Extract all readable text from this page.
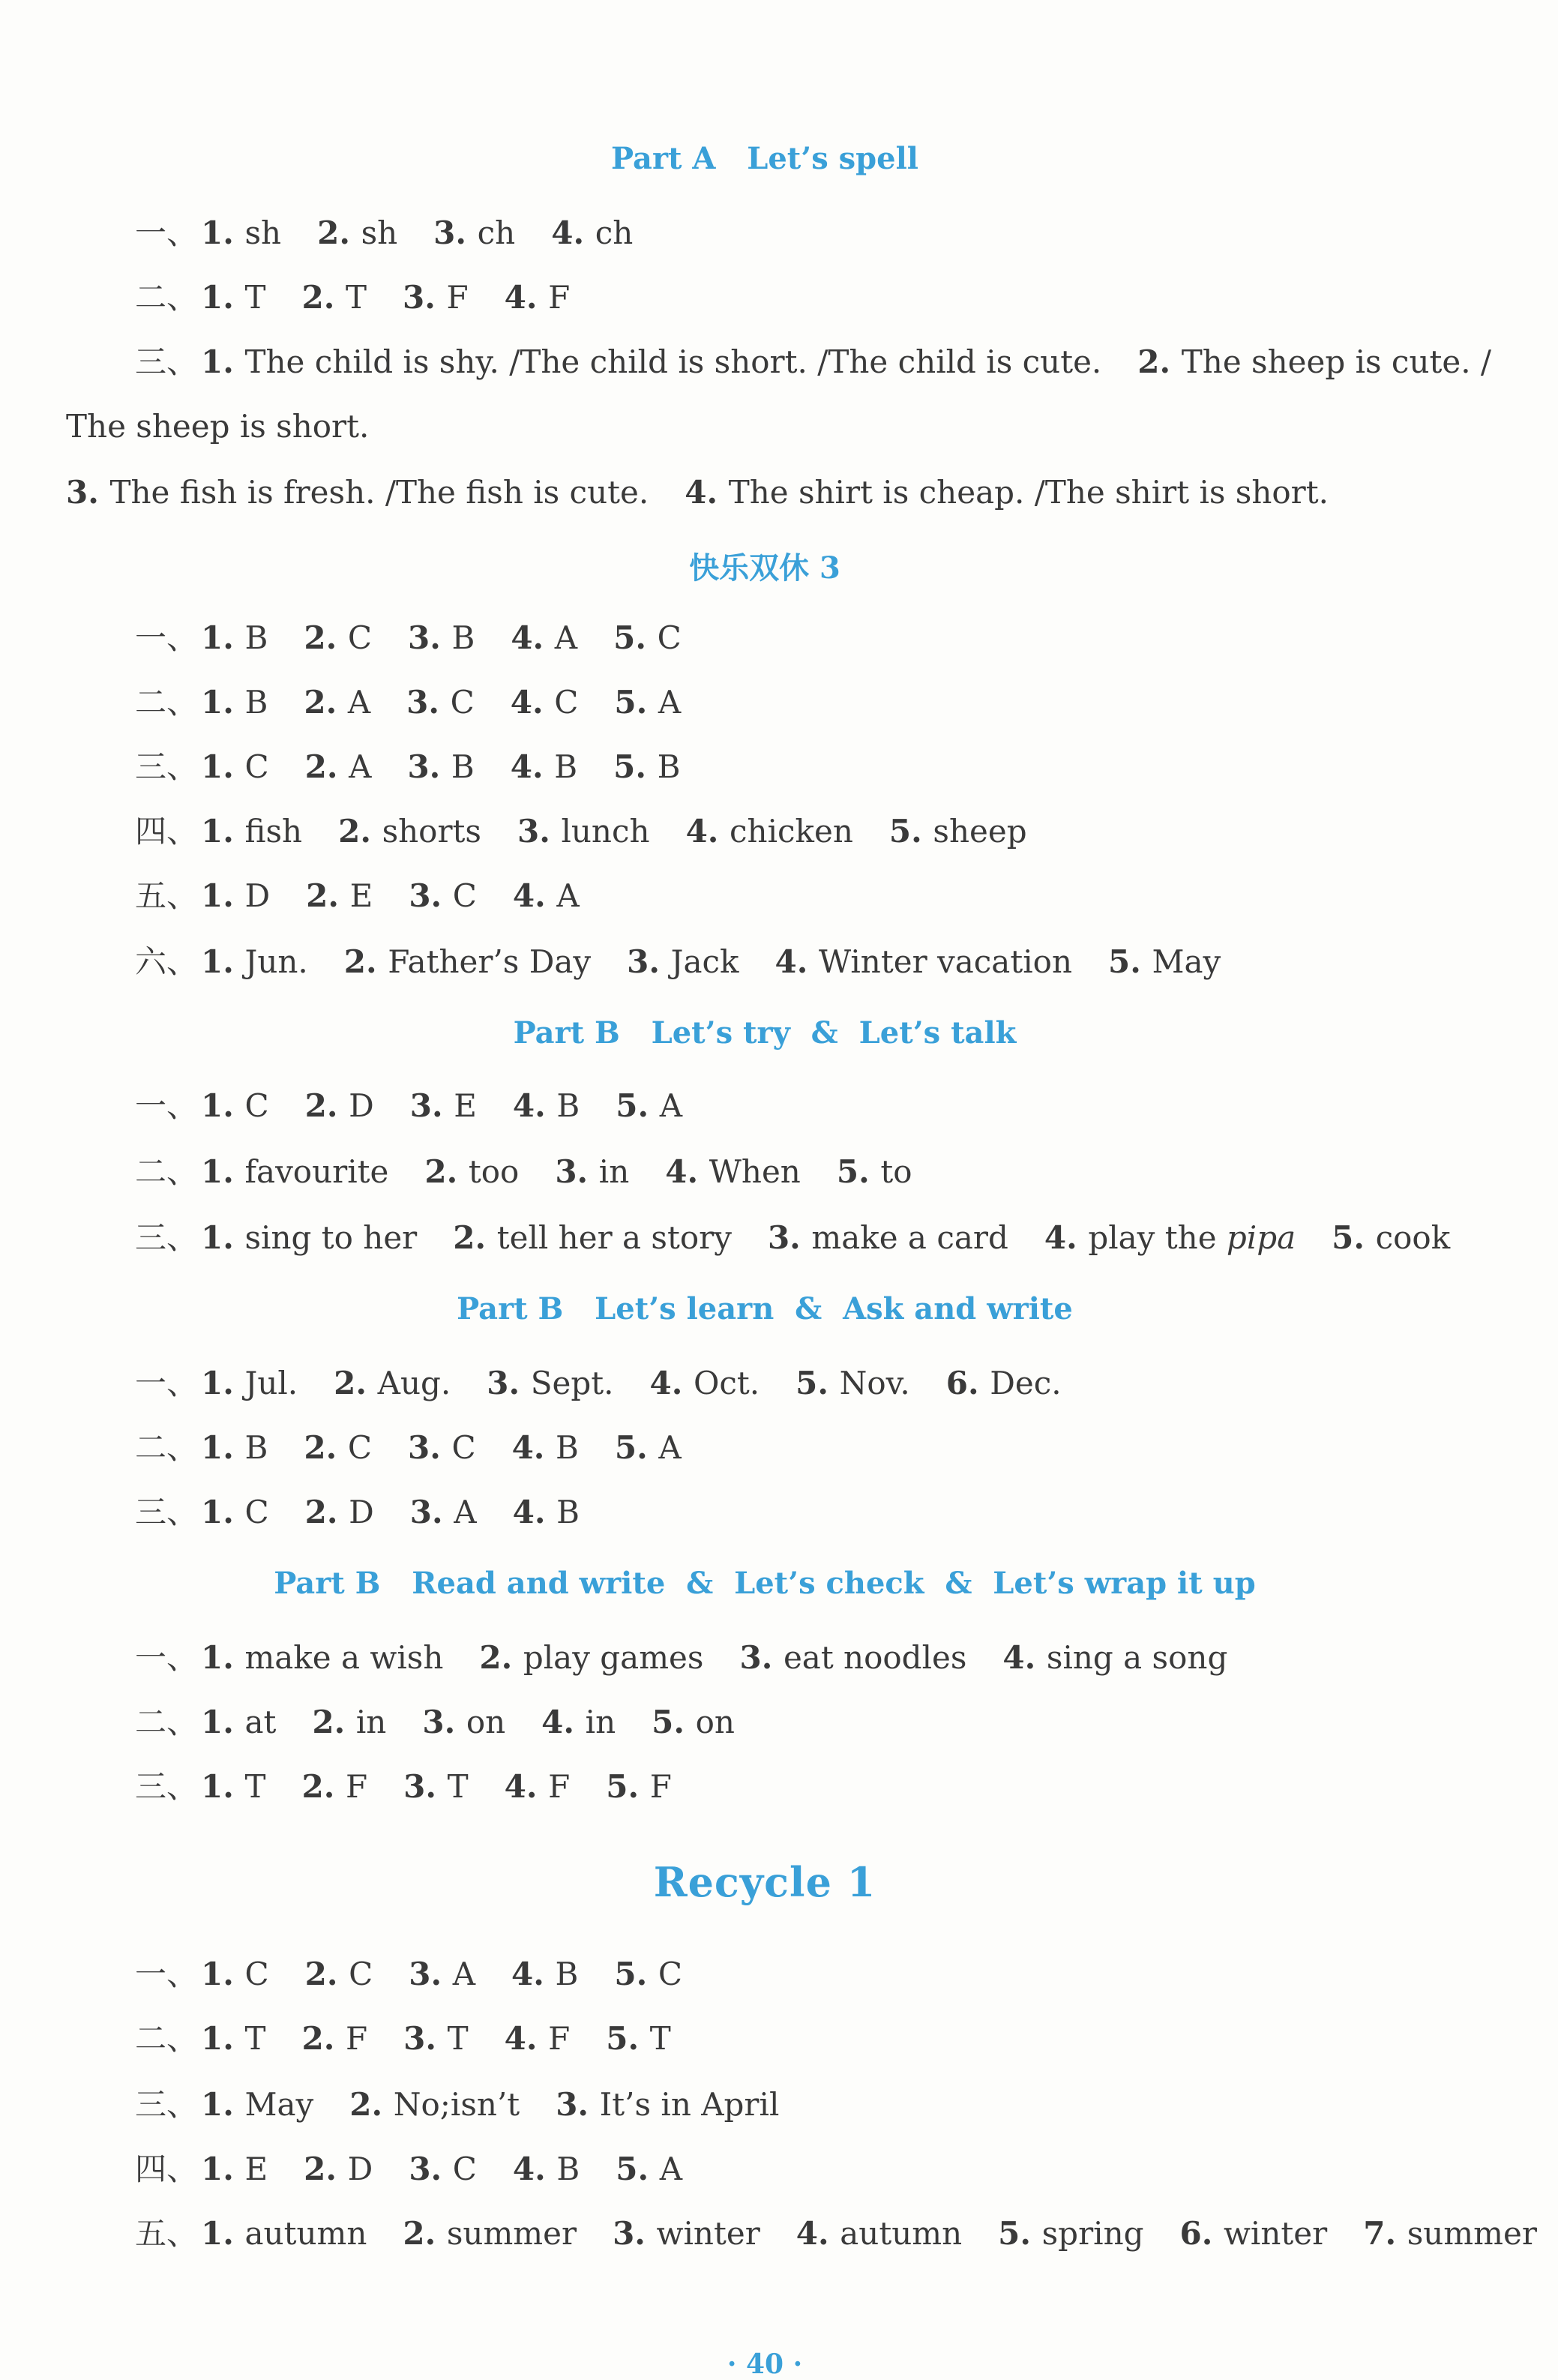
Part A   Let’s spell
一、1. sh 2. sh 3. ch 4. ch
二、1. T 2. T 3. F 4. F
三、1. The child is shy. /The child is short. /The child is cute. 2. The sheep is cute. /
The sheep is short.
3. The fish is fresh. /The fish is cute. 4. The shirt is cheap. /The shirt is short.
快乐双休 3
一、1. B 2. C 3. B 4. A 5. C
二、1. B 2. A 3. C 4. C 5. A
三、1. C 2. A 3. B 4. B 5. B
四、1. fish 2. shorts 3. lunch 4. chicken 5. sheep
五、1. D 2. E 3. C 4. A
六、1. Jun. 2. Father’s Day 3. Jack 4. Winter vacation 5. May
Part B   Let’s try  &  Let’s talk
一、1. C 2. D 3. E 4. B 5. A
二、1. favourite 2. too 3. in 4. When 5. to
三、1. sing to her 2. tell her a story 3. make a card 4. play the pipa 5. cook
Part B   Let’s learn  &  Ask and write
一、1. Jul. 2. Aug. 3. Sept. 4. Oct. 5. Nov. 6. Dec.
二、1. B 2. C 3. C 4. B 5. A
三、1. C 2. D 3. A 4. B
Part B   Read and write  &  Let’s check  &  Let’s wrap it up
一、1. make a wish 2. play games 3. eat noodles 4. sing a song
二、1. at 2. in 3. on 4. in 5. on
三、1. T 2. F 3. T 4. F 5. F
Recycle 1
一、1. C 2. C 3. A 4. B 5. C
二、1. T 2. F 3. T 4. F 5. T
三、1. May 2. No;isn’t 3. It’s in April
四、1. E 2. D 3. C 4. B 5. A
五、1. autumn 2. summer 3. winter 4. autumn 5. spring 6. winter 7. summer
· 40 ·
